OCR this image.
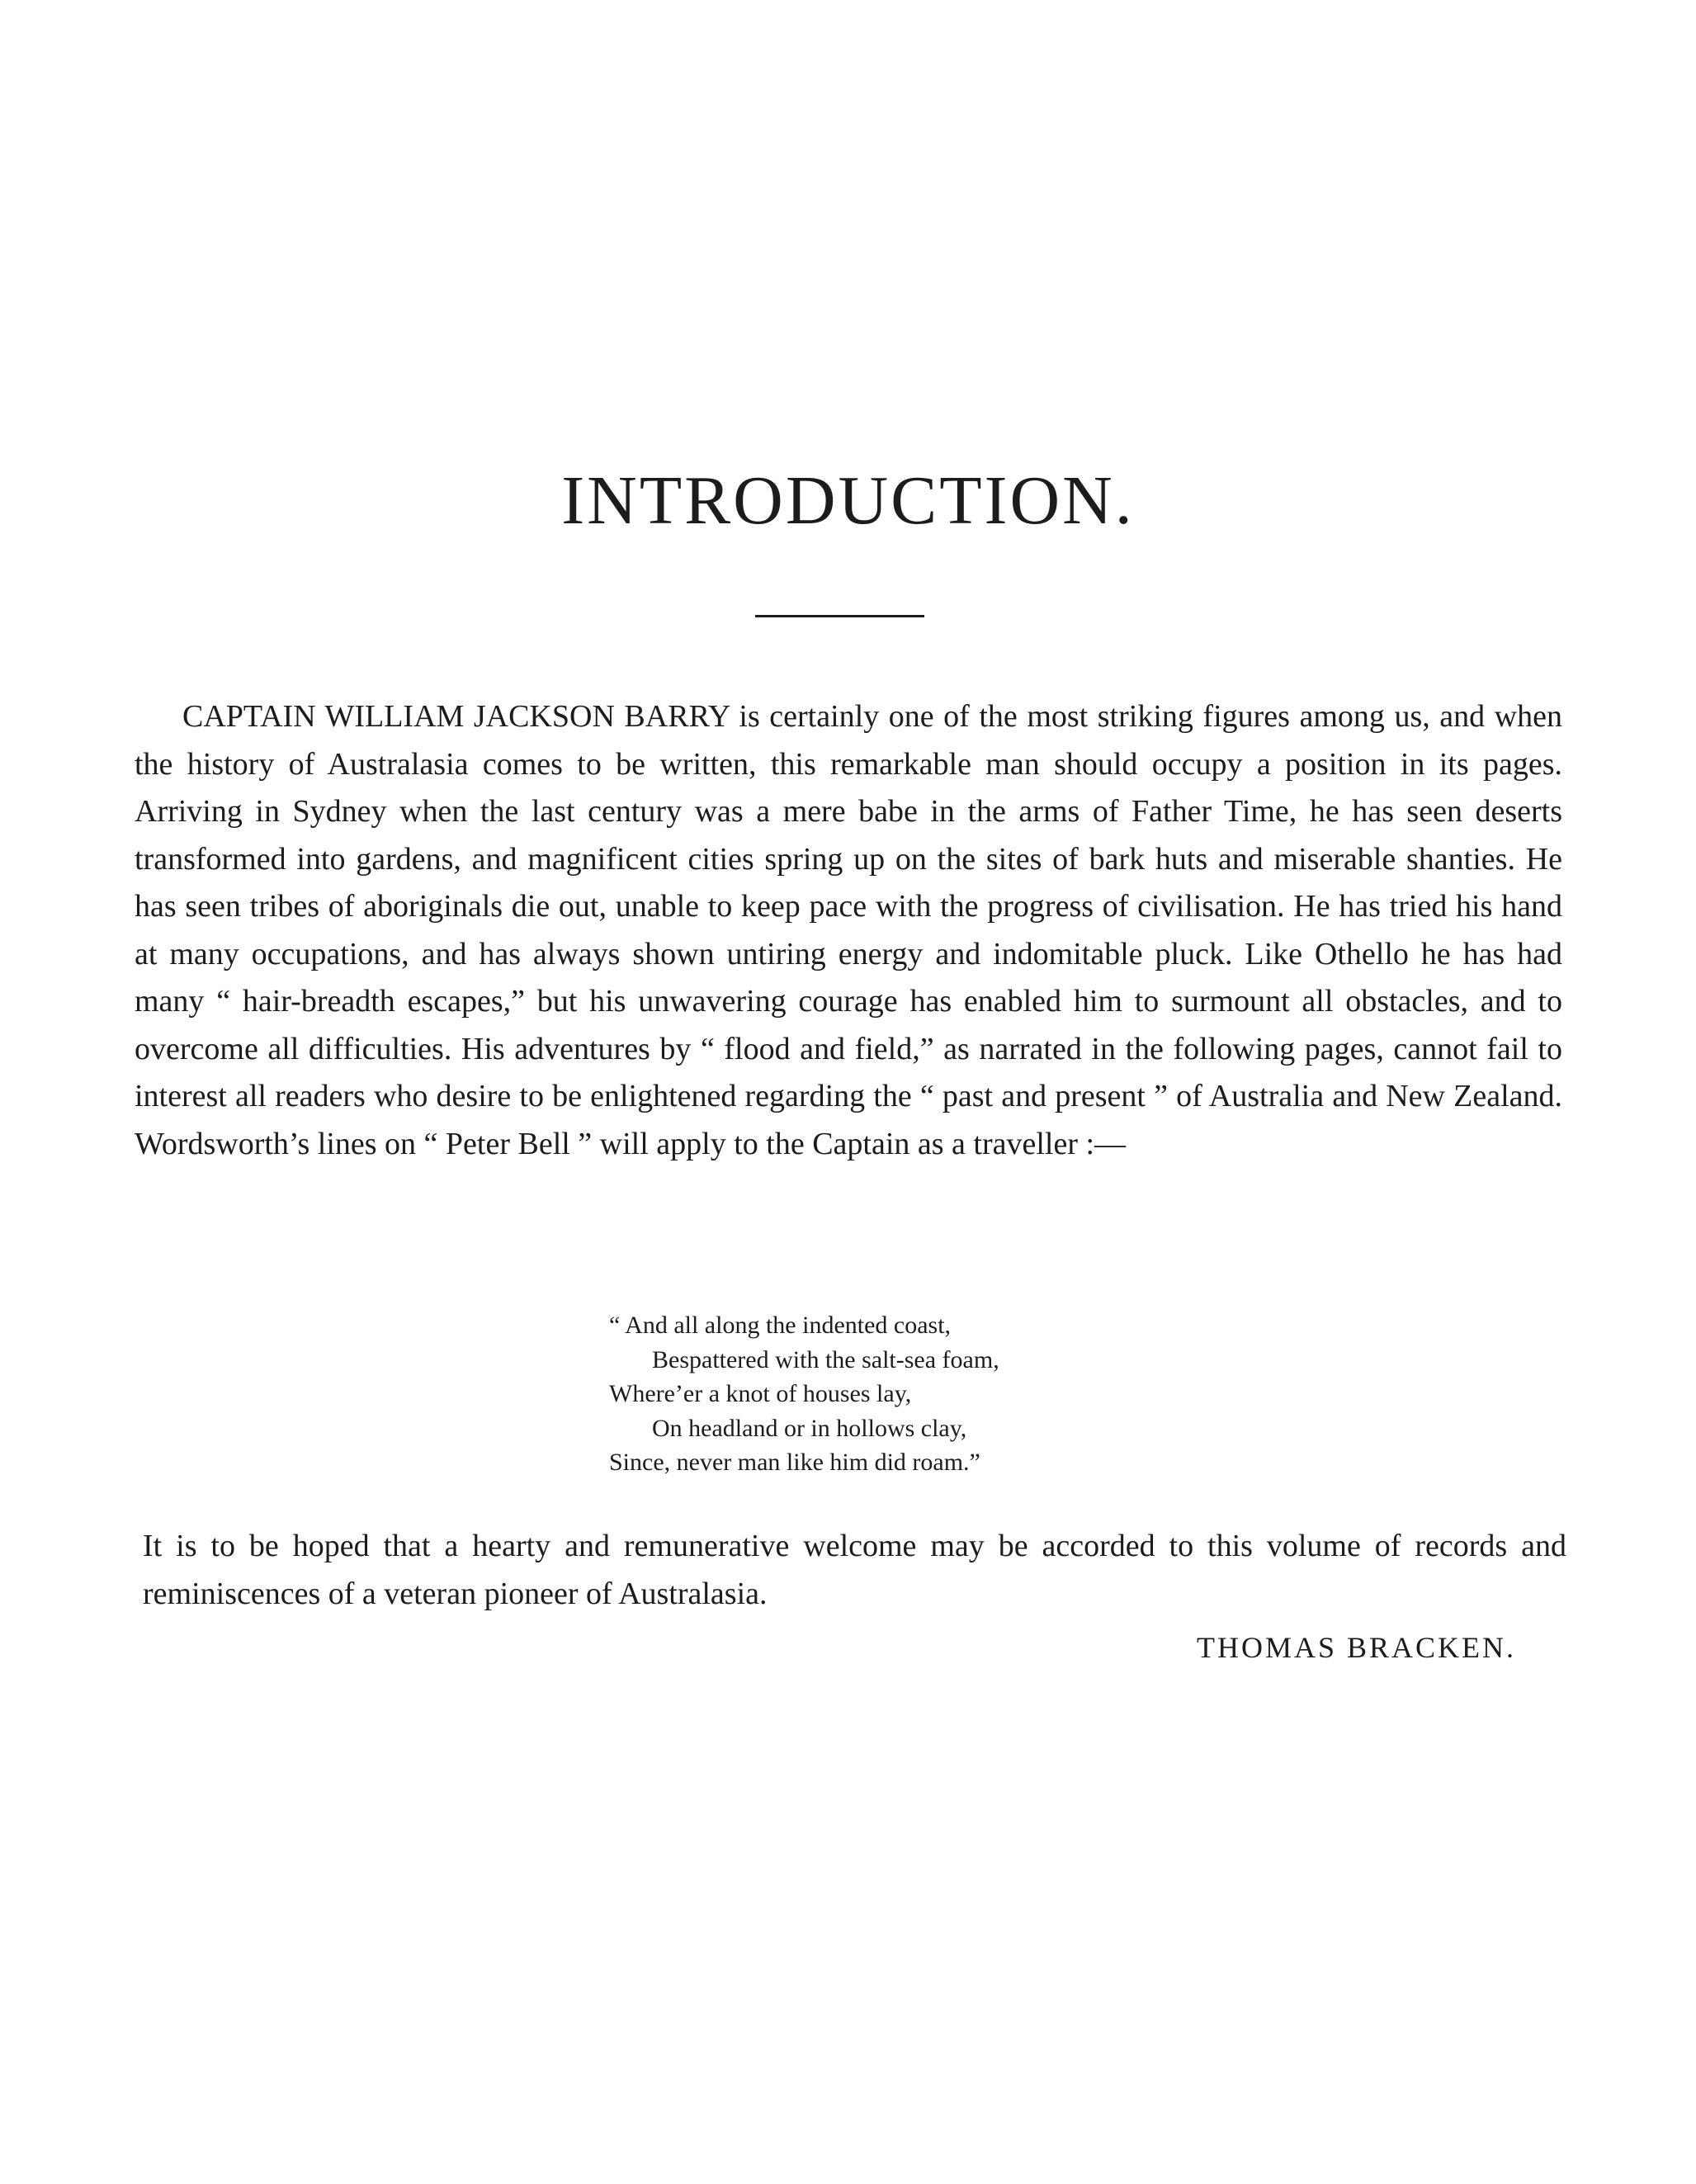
INTRODUCTION.

CAPTAIN WILLIAM JACKSON BARRY is certainly one of the most striking figures among us, and when the history of Australasia comes to be written, this remarkable man should occupy a position in its pages. Arriving in Sydney when the last century was a mere babe in the arms of Father Time, he has seen deserts transformed into gardens, and magnificent cities spring up on the sites of bark huts and miserable shanties. He has seen tribes of aboriginals die out, unable to keep pace with the progress of civilisation. He has tried his hand at many occupations, and has always shown untiring energy and indomitable pluck. Like Othello he has had many “ hair-breadth escapes,” but his unwavering courage has enabled him to surmount all obstacles, and to overcome all difficulties. His adventures by “ flood and field,” as narrated in the following pages, cannot fail to interest all readers who desire to be enlightened regarding the “ past and present ” of Australia and New Zealand. Wordsworth’s lines on “ Peter Bell ” will apply to the Captain as a traveller :—

“ And all along the indented coast,
Bespattered with the salt-sea foam,
Where’er a knot of houses lay,
On headland or in hollows clay,
Since, never man like him did roam.”

It is to be hoped that a hearty and remunerative welcome may be accorded to this volume of records and reminiscences of a veteran pioneer of Australasia.

THOMAS BRACKEN.
